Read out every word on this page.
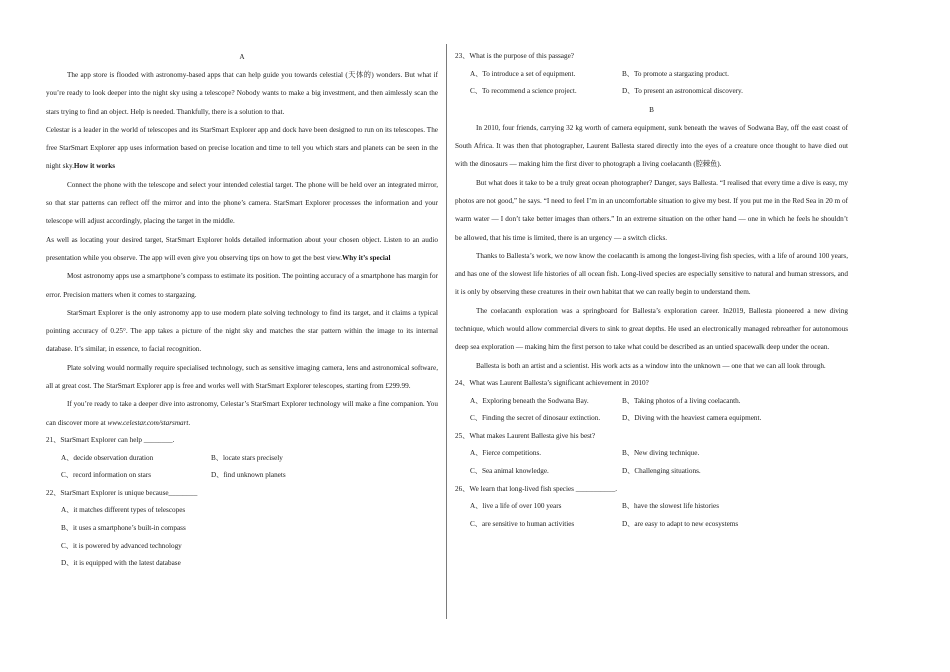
A

The app store is flooded with astronomy-based apps that can help guide you towards celestial (天体的) wonders. But what if you’re ready to look deeper into the night sky using a telescope? Nobody wants to make a big investment, and then aimlessly scan the stars trying to find an object. Help is needed. Thankfully, there is a solution to that.

Celestar is a leader in the world of telescopes and its StarSmart Explorer app and dock have been designed to run on its telescopes. The free StarSmart Explorer app uses information based on precise location and time to tell you which stars and planets can be seen in the night sky.How it works

Connect the phone with the telescope and select your intended celestial target. The phone will be held over an integrated mirror, so that star patterns can reflect off the mirror and into the phone’s camera. StarSmart Explorer processes the information and your telescope will adjust accordingly, placing the target in the middle.

As well as locating your desired target, StarSmart Explorer holds detailed information about your chosen object. Listen to an audio presentation while you observe. The app will even give you observing tips on how to get the best view.Why it’s special

Most astronomy apps use a smartphone’s compass to estimate its position. The pointing accuracy of a smartphone has margin for error. Precision matters when it comes to stargazing.

StarSmart Explorer is the only astronomy app to use modern plate solving technology to find its target, and it claims a typical pointing accuracy of 0.25°. The app takes a picture of the night sky and matches the star pattern within the image to its internal database. It’s similar, in essence, to facial recognition.

Plate solving would normally require specialised technology, such as sensitive imaging camera, lens and astronomical software, all at great cost. The StarSmart Explorer app is free and works well with StarSmart Explorer telescopes, starting from £299.99.

If you’re ready to take a deeper dive into astronomy, Celestar’s StarSmart Explorer technology will make a fine companion. You can discover more at www.celestar.com/starsmart.

21、StarSmart Explorer can help ________.
A、decide observation duration	B、locate stars precisely
C、record information on stars	D、find unknown planets
22、StarSmart Explorer is unique because________
A、it matches different types of telescopes
B、it uses a smartphone’s built-in compass
C、it is powered by advanced technology
D、it is equipped with the latest database
23、What is the purpose of this passage?
A、To introduce a set of equipment.	B、To promote a stargazing product.
C、To recommend a science project.	D、To present an astronomical discovery.
B

In 2010, four friends, carrying 32 kg worth of camera equipment, sunk beneath the waves of Sodwana Bay, off the east coast of South Africa. It was then that photographer, Laurent Ballesta stared directly into the eyes of a creature once thought to have died out with the dinosaurs — making him the first diver to photograph a living coelacanth (腔棘鱼).

But what does it take to be a truly great ocean photographer? Danger, says Ballesta. “I realised that every time a dive is easy, my photos are not good,” he says. “I need to feel I’m in an uncomfortable situation to give my best. If you put me in the Red Sea in 20 m of warm water — I don’t take better images than others.” In an extreme situation on the other hand — one in which he feels he shouldn’t be allowed, that his time is limited, there is an urgency — a switch clicks.

Thanks to Ballesta’s work, we now know the coelacanth is among the longest-living fish species, with a life of around 100 years, and has one of the slowest life histories of all ocean fish. Long-lived species are especially sensitive to natural and human stressors, and it is only by observing these creatures in their own habitat that we can really begin to understand them.

The coelacanth exploration was a springboard for Ballesta’s exploration career. In2019, Ballesta pioneered a new diving technique, which would allow commercial divers to sink to great depths. He used an electronically managed rebreather for autonomous deep sea exploration — making him the first person to take what could be described as an untied spacewalk deep under the ocean.

Ballesta is both an artist and a scientist. His work acts as a window into the unknown — one that we can all look through.

24、What was Laurent Ballesta’s significant achievement in 2010?
A、Exploring beneath the Sodwana Bay.	B、Taking photos of a living coelacanth.
C、Finding the secret of dinosaur extinction.	D、Diving with the heaviest camera equipment.
25、What makes Laurent Ballesta give his best?
A、Fierce competitions.	B、New diving technique.
C、Sea animal knowledge.	D、Challenging situations.
26、We learn that long-lived fish species ___________.
A、live a life of over 100 years	B、have the slowest life histories
C、are sensitive to human activities	D、are easy to adapt to new ecosystems
